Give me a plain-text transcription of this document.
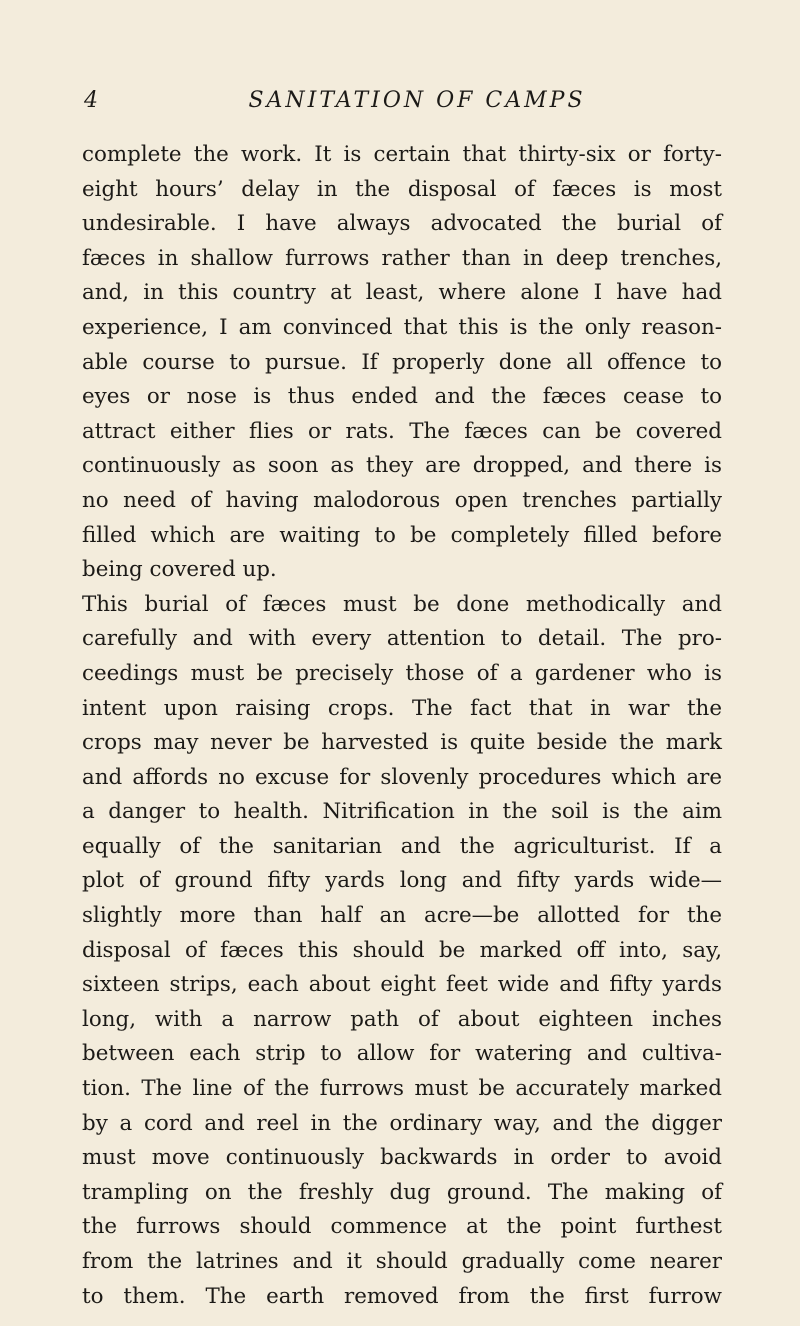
4	SANITATION OF CAMPS
complete the work. It is certain that thirty-six or forty-
eight hours’ delay in the disposal of fæces is most
undesirable. I have always advocated the burial of
fæces in shallow furrows rather than in deep trenches,
and, in this country at least, where alone I have had
experience, I am convinced that this is the only reason-
able course to pursue. If properly done all offence to
eyes or nose is thus ended and the fæces cease to
attract either flies or rats. The fæces can be covered
continuously as soon as they are dropped, and there is
no need of having malodorous open trenches partially
filled which are waiting to be completely filled before
being covered up.
This burial of fæces must be done methodically and
carefully and with every attention to detail. The pro-
ceedings must be precisely those of a gardener who is
intent upon raising crops. The fact that in war the
crops may never be harvested is quite beside the mark
and affords no excuse for slovenly procedures which are
a danger to health. Nitrification in the soil is the aim
equally of the sanitarian and the agriculturist. If a
plot of ground fifty yards long and fifty yards wide—
slightly more than half an acre—be allotted for the
disposal of fæces this should be marked off into, say,
sixteen strips, each about eight feet wide and fifty yards
long, with a narrow path of about eighteen inches
between each strip to allow for watering and cultiva-
tion. The line of the furrows must be accurately marked
by a cord and reel in the ordinary way, and the digger
must move continuously backwards in order to avoid
trampling on the freshly dug ground. The making of
the furrows should commence at the point furthest
from the latrines and it should gradually come nearer
to them. The earth removed from the first furrow
